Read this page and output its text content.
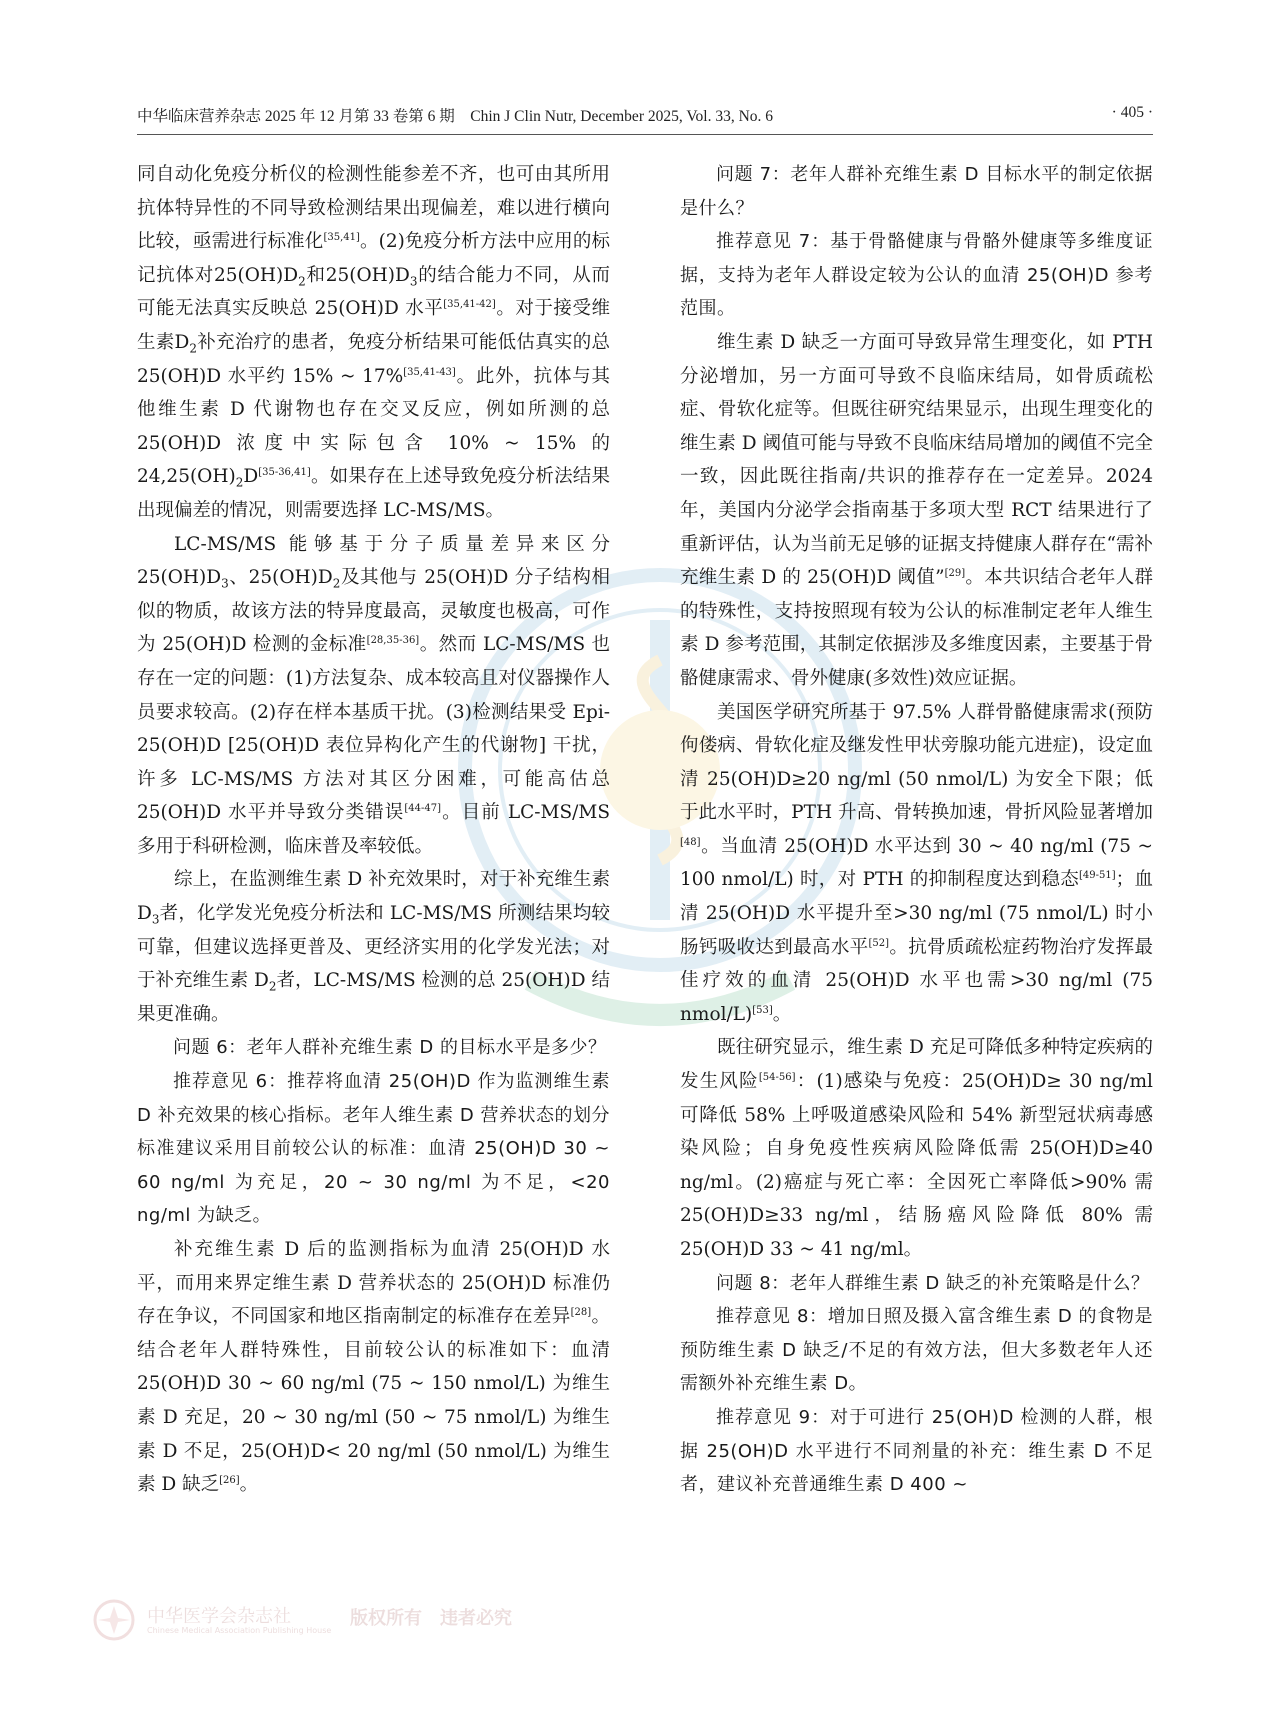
中华临床营养杂志 2025 年 12 月第 33 卷第 6 期　Chin J Clin Nutr, December 2025, Vol. 33, No. 6	· 405 ·

同自动化免疫分析仪的检测性能参差不齐，也可由其所用抗体特异性的不同导致检测结果出现偏差，难以进行横向比较，亟需进行标准化[35,41]。(2)免疫分析方法中应用的标记抗体对$25(OH)D_2$和$25(OH)D_3$的结合能力不同，从而可能无法真实反映总 25(OH)D 水平[35,41-42]。对于接受维生素$D_2$补充治疗的患者，免疫分析结果可能低估真实的总 25(OH)D 水平约 15% ~ 17%[35,41-43]。此外，抗体与其他维生素 D 代谢物也存在交叉反应，例如所测的总 25(OH)D 浓度中实际包含 10% ~ 15% 的 $24,25(OH)_2D[35-36,41]$。如果存在上述导致免疫分析法结果出现偏差的情况，则需要选择 LC-MS/MS。

LC-MS/MS 能够基于分子质量差异来区分 $25(OH)D_3$、$25(OH)D_2$及其他与 25(OH)D 分子结构相似的物质，故该方法的特异度最高，灵敏度也极高，可作为 25(OH)D 检测的金标准[28,35-36]。然而 LC-MS/MS 也存在一定的问题：(1)方法复杂、成本较高且对仪器操作人员要求较高。(2)存在样本基质干扰。(3)检测结果受 Epi-25(OH)D [25(OH)D 表位异构化产生的代谢物] 干扰，许多 LC-MS/MS 方法对其区分困难，可能高估总 25(OH)D 水平并导致分类错误[44-47]。目前 LC-MS/MS 多用于科研检测，临床普及率较低。

综上，在监测维生素 D 补充效果时，对于补充维生素 $D_3$者，化学发光免疫分析法和 LC-MS/MS 所测结果均较可靠，但建议选择更普及、更经济实用的化学发光法；对于补充维生素 $D_2$者，LC-MS/MS 检测的总 25(OH)D 结果更准确。

问题 6：老年人群补充维生素 D 的目标水平是多少？

推荐意见 6：推荐将血清 25(OH)D 作为监测维生素 D 补充效果的核心指标。老年人维生素 D 营养状态的划分标准建议采用目前较公认的标准：血清 25(OH)D 30 ~ 60 ng/ml 为充足，20 ~ 30 ng/ml 为不足，<20 ng/ml 为缺乏。

补充维生素 D 后的监测指标为血清 25(OH)D 水平，而用来界定维生素 D 营养状态的 25(OH)D 标准仍存在争议，不同国家和地区指南制定的标准存在差异[28]。结合老年人群特殊性，目前较公认的标准如下：血清 25(OH)D 30 ~ 60 ng/ml (75 ~ 150 nmol/L) 为维生素 D 充足，20 ~ 30 ng/ml (50 ~ 75 nmol/L) 为维生素 D 不足，25(OH)D< 20 ng/ml (50 nmol/L) 为维生素 D 缺乏[26]。

问题 7：老年人群补充维生素 D 目标水平的制定依据是什么？

推荐意见 7：基于骨骼健康与骨骼外健康等多维度证据，支持为老年人群设定较为公认的血清 25(OH)D 参考范围。

维生素 D 缺乏一方面可导致异常生理变化，如 PTH 分泌增加，另一方面可导致不良临床结局，如骨质疏松症、骨软化症等。但既往研究结果显示，出现生理变化的维生素 D 阈值可能与导致不良临床结局增加的阈值不完全一致，因此既往指南/共识的推荐存在一定差异。2024 年，美国内分泌学会指南基于多项大型 RCT 结果进行了重新评估，认为当前无足够的证据支持健康人群存在“需补充维生素 D 的 25(OH)D 阈值”[29]。本共识结合老年人群的特殊性，支持按照现有较为公认的标准制定老年人维生素 D 参考范围，其制定依据涉及多维度因素，主要基于骨骼健康需求、骨外健康(多效性)效应证据。

美国医学研究所基于 97.5% 人群骨骼健康需求(预防佝偻病、骨软化症及继发性甲状旁腺功能亢进症)，设定血清 25(OH)D≥20 ng/ml (50 nmol/L) 为安全下限；低于此水平时，PTH 升高、骨转换加速，骨折风险显著增加[48]。当血清 25(OH)D 水平达到 30 ~ 40 ng/ml (75 ~ 100 nmol/L) 时，对 PTH 的抑制程度达到稳态[49-51]；血清 25(OH)D 水平提升至>30 ng/ml (75 nmol/L) 时小肠钙吸收达到最高水平[52]。抗骨质疏松症药物治疗发挥最佳疗效的血清 25(OH)D 水平也需>30 ng/ml (75 nmol/L)[53]。

既往研究显示，维生素 D 充足可降低多种特定疾病的发生风险[54-56]：(1)感染与免疫：25(OH)D≥ 30 ng/ml 可降低 58% 上呼吸道感染风险和 54% 新型冠状病毒感染风险；自身免疫性疾病风险降低需 25(OH)D≥40 ng/ml。(2)癌症与死亡率：全因死亡率降低>90% 需 25(OH)D≥33 ng/ml，结肠癌风险降低 80% 需 25(OH)D 33 ~ 41 ng/ml。

问题 8：老年人群维生素 D 缺乏的补充策略是什么？

推荐意见 8：增加日照及摄入富含维生素 D 的食物是预防维生素 D 缺乏/不足的有效方法，但大多数老年人还需额外补充维生素 D。

推荐意见 9：对于可进行 25(OH)D 检测的人群，根据 25(OH)D 水平进行不同剂量的补充：维生素 D 不足者，建议补充普通维生素 D 400 ~

中华医学会杂志社
Chinese Medical Association Publishing House
版权所有　违者必究
